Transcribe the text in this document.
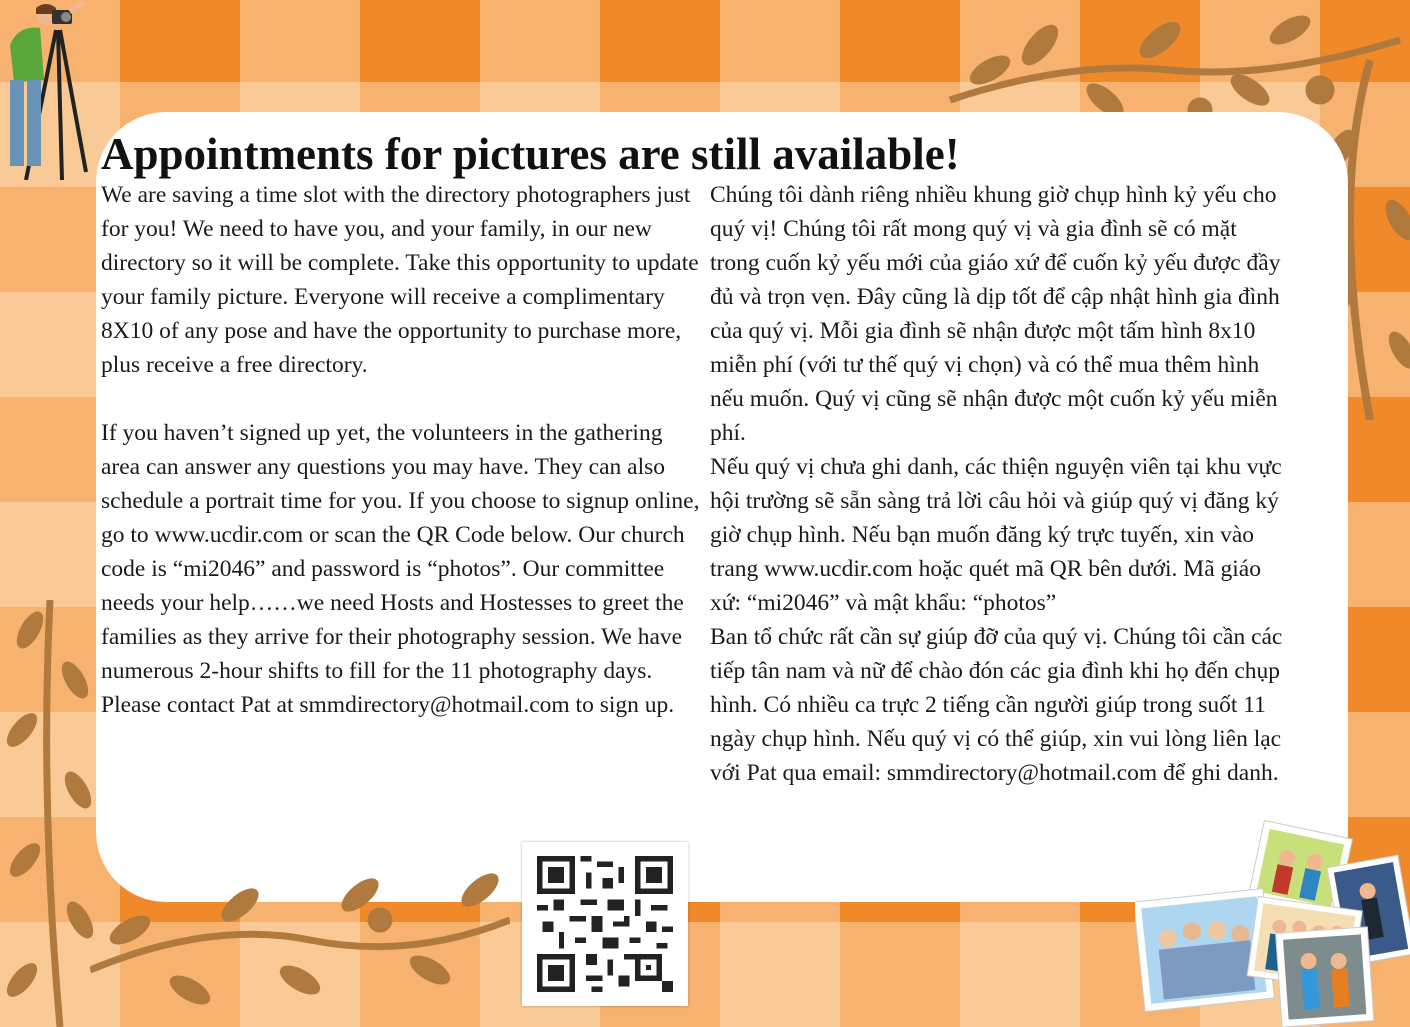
Appointments for pictures are still available!

We are saving a time slot with the directory photographers just for you! We need to have you, and your family, in our new directory so it will be complete. Take this opportunity to update your family picture. Everyone will receive a complimentary 8X10 of any pose and have the opportunity to purchase more, plus receive a free directory.

If you haven’t signed up yet, the volunteers in the gathering area can answer any questions you may have. They can also schedule a portrait time for you. If you choose to signup online, go to www.ucdir.com or scan the QR Code below. Our church code is “mi2046” and password is “photos”. Our committee needs your help……we need Hosts and Hostesses to greet the families as they arrive for their photography session. We have numerous 2-hour shifts to fill for the 11 photography days.

Please contact Pat at smmdirectory@hotmail.com to sign up.

Chúng tôi dành riêng nhiều khung giờ chụp hình kỷ yếu cho quý vị! Chúng tôi rất mong quý vị và gia đình sẽ có mặt trong cuốn kỷ yếu mới của giáo xứ để cuốn kỷ yếu được đầy đủ và trọn vẹn. Đây cũng là dịp tốt để cập nhật hình gia đình của quý vị. Mỗi gia đình sẽ nhận được một tấm hình 8x10 miễn phí (với tư thế quý vị chọn) và có thể mua thêm hình nếu muốn. Quý vị cũng sẽ nhận được một cuốn kỷ yếu miễn phí.

Nếu quý vị chưa ghi danh, các thiện nguyện viên tại khu vực hội trường sẽ sẵn sàng trả lời câu hỏi và giúp quý vị đăng ký giờ chụp hình. Nếu bạn muốn đăng ký trực tuyến, xin vào trang www.ucdir.com hoặc quét mã QR bên dưới. Mã giáo xứ: “mi2046” và mật khẩu: “photos”

Ban tổ chức rất cần sự giúp đỡ của quý vị. Chúng tôi cần các tiếp tân nam và nữ để chào đón các gia đình khi họ đến chụp hình. Có nhiều ca trực 2 tiếng cần người giúp trong suốt 11 ngày chụp hình. Nếu quý vị có thể giúp, xin vui lòng liên lạc với Pat qua email: smmdirectory@hotmail.com để ghi danh.
